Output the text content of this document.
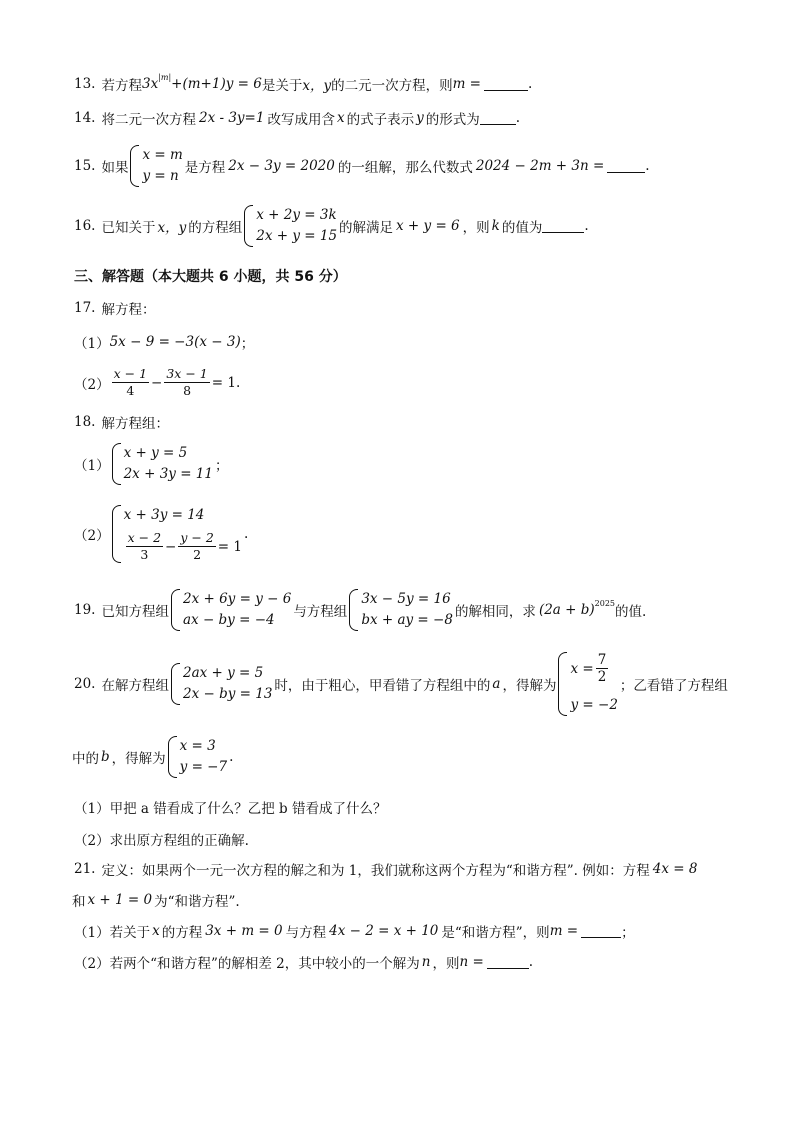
13. 若方程 3x |m| +(m+1)y = 6 是关于 x，y 的二元一次方程，则 m =	.
14. 将二元一次方程 2x - 3y=1 改写成用含 x 的式子表示 y 的形式为	.
15. 如果
x = m
y = n 是方程 2x − 3y = 2020 的一组解，那么代数式 2024 − 2m + 3n =	.
16. 已知关于 x，y 的方程组
x + 2y = 3k
2x + y = 15 的解满足 x + y = 6 ，则 k 的值为	.
三、解答题（本大题共 6 小题，共 56 分）
17. 解方程：
（1） 5x − 9 = −3(x − 3) ；
$(2) \frac{x - 1}{4} - \frac{3x - 1}{8} = 1$ .
18. 解方程组：
（1）
x + y = 5
2x + 3y = 11 ；
（2）
x + 3y = 14
$\frac{x - 2}{3} - \frac{y - 2}{2} = 1$
.
19. 已知方程组
2x + 6y = y − 6
ax − by = −4	与方程组
3x − 5y = 16
bx + ay = −8 的解相同，求 (2a + b) 2025
的值.
20. 在解方程组
2ax + y = 5
2x − by = 13 时，由于粗心，甲看错了方程组中的 a ，得解为
$x = \frac{7}{2}$
y = −2
；乙看错了方程组
中的 b ，得解为
x = 3
y = −7
.
（1）甲把 a 错看成了什么？乙把 b 错看成了什么？
（2）求出原方程组的正确解.
21. 定义：如果两个一元一次方程的解之和为 1，我们就称这两个方程为“和谐方程”. 例如：方程 4x = 8
和 x + 1 = 0 为“和谐方程”.
（1）若关于 x 的方程 3x + m = 0 与方程 4x − 2 = x + 10 是“和谐方程”，则 m =	；
（2）若两个“和谐方程”的解相差 2，其中较小的一个解为 n ，则 n =	.
